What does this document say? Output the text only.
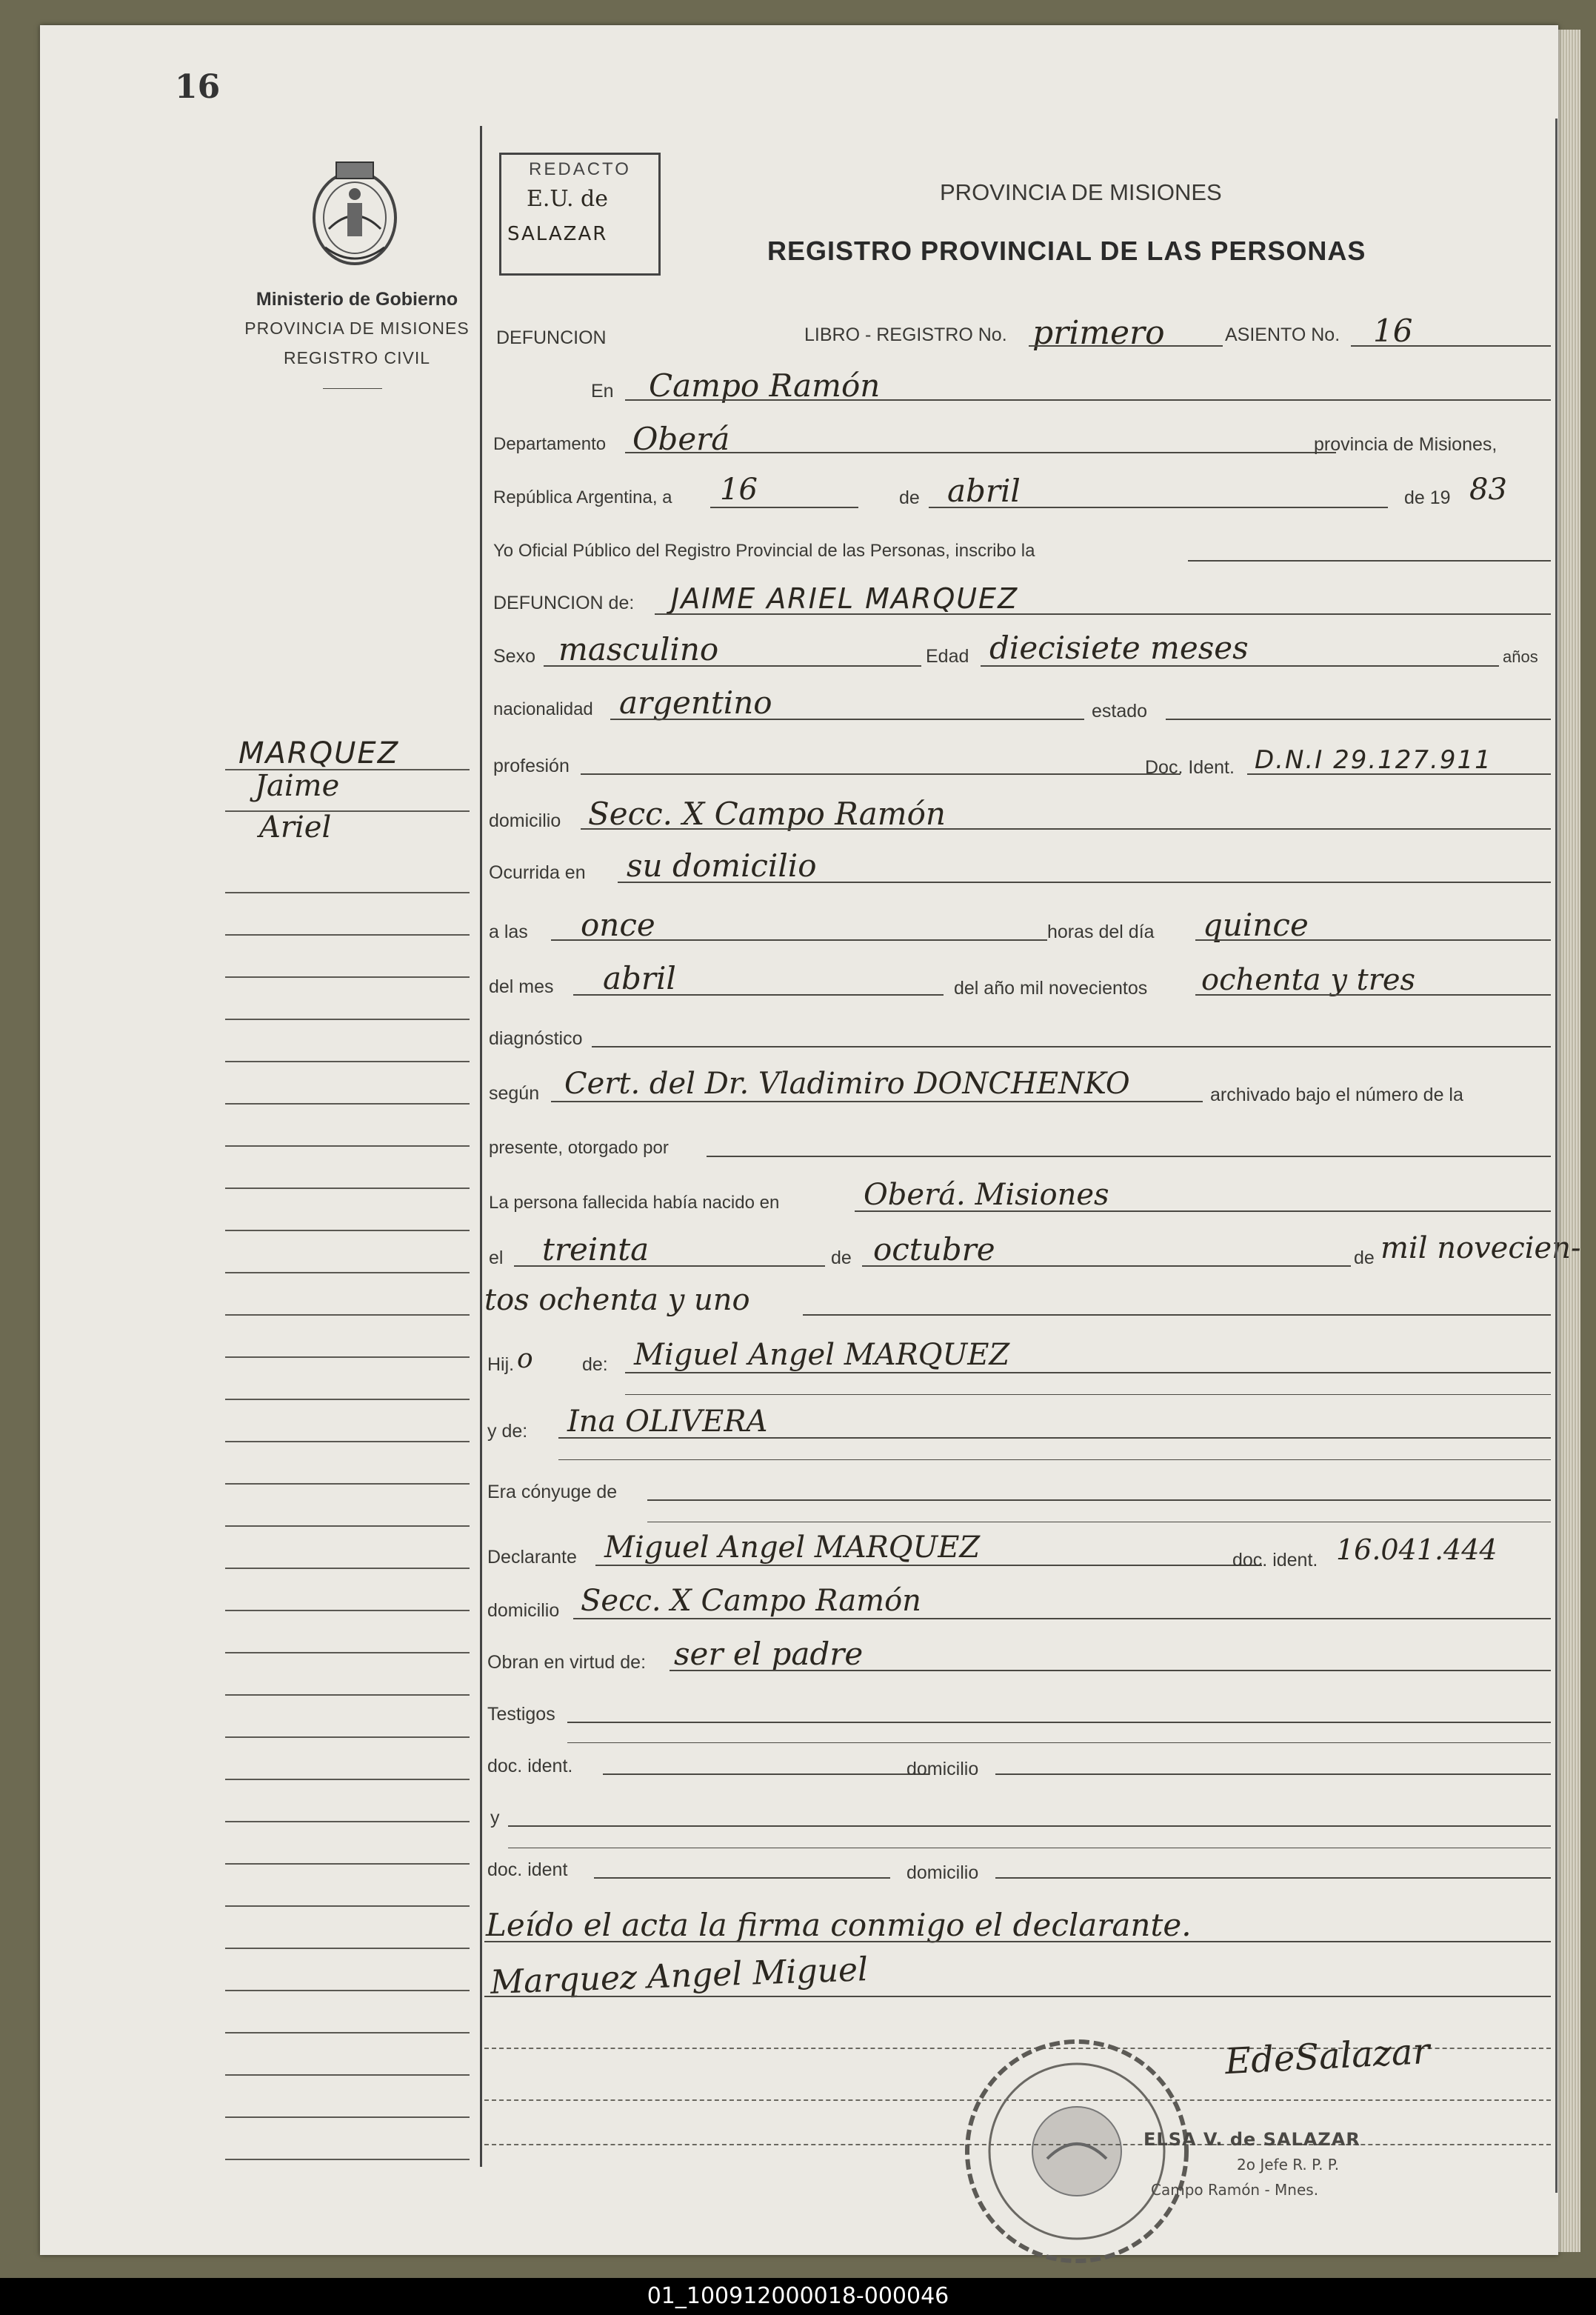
16
Ministerio de Gobierno
PROVINCIA DE MISIONES
REGISTRO CIVIL
REDACTO
E.U. de
SALAZAR
PROVINCIA DE MISIONES
REGISTRO PROVINCIAL DE LAS PERSONAS
DEFUNCION	LIBRO - REGISTRO No. primero	ASIENTO No. 16
En Campo Ramón
Departamento Oberá	provincia de Misiones,
República Argentina, a 16	de abril	de 19 83
Yo Oficial Público del Registro Provincial de las Personas, inscribo la
DEFUNCION de: JAIME ARIEL MARQUEZ
Sexo masculino	Edad diecisiete meses	años
nacionalidad argentino	estado
profesión	Doc. Ident. D.N.I 29.127.911
domicilio Secc. X Campo Ramón
Ocurrida en su domicilio
a las once	horas del día quince
del mes abril	del año mil novecientos ochenta y tres
diagnóstico
según Cert. del Dr. Vladimiro DONCHENKO	archivado bajo el número de la
presente, otorgado por
La persona fallecida había nacido en	Oberá. Misiones
el treinta	de octubre	de mil novecien-
tos ochenta y uno
Hij. o	de: Miguel Angel MARQUEZ
y de: Ina OLIVERA
Era cónyuge de
Declarante Miguel Angel MARQUEZ	doc. ident. 16.041.444
domicilio Secc. X Campo Ramón
Obran en virtud de: ser el padre
Testigos
doc. ident.	domicilio
y
doc. ident	domicilio
Leído el acta la firma conmigo el declarante.
Marquez Angel Miguel
EdeSalazar
ELSA V. de SALAZAR
2o Jefe R. P. P.
Campo Ramón - Mnes.
MARQUEZ
Jaime
Ariel
01_100912000018-000046
